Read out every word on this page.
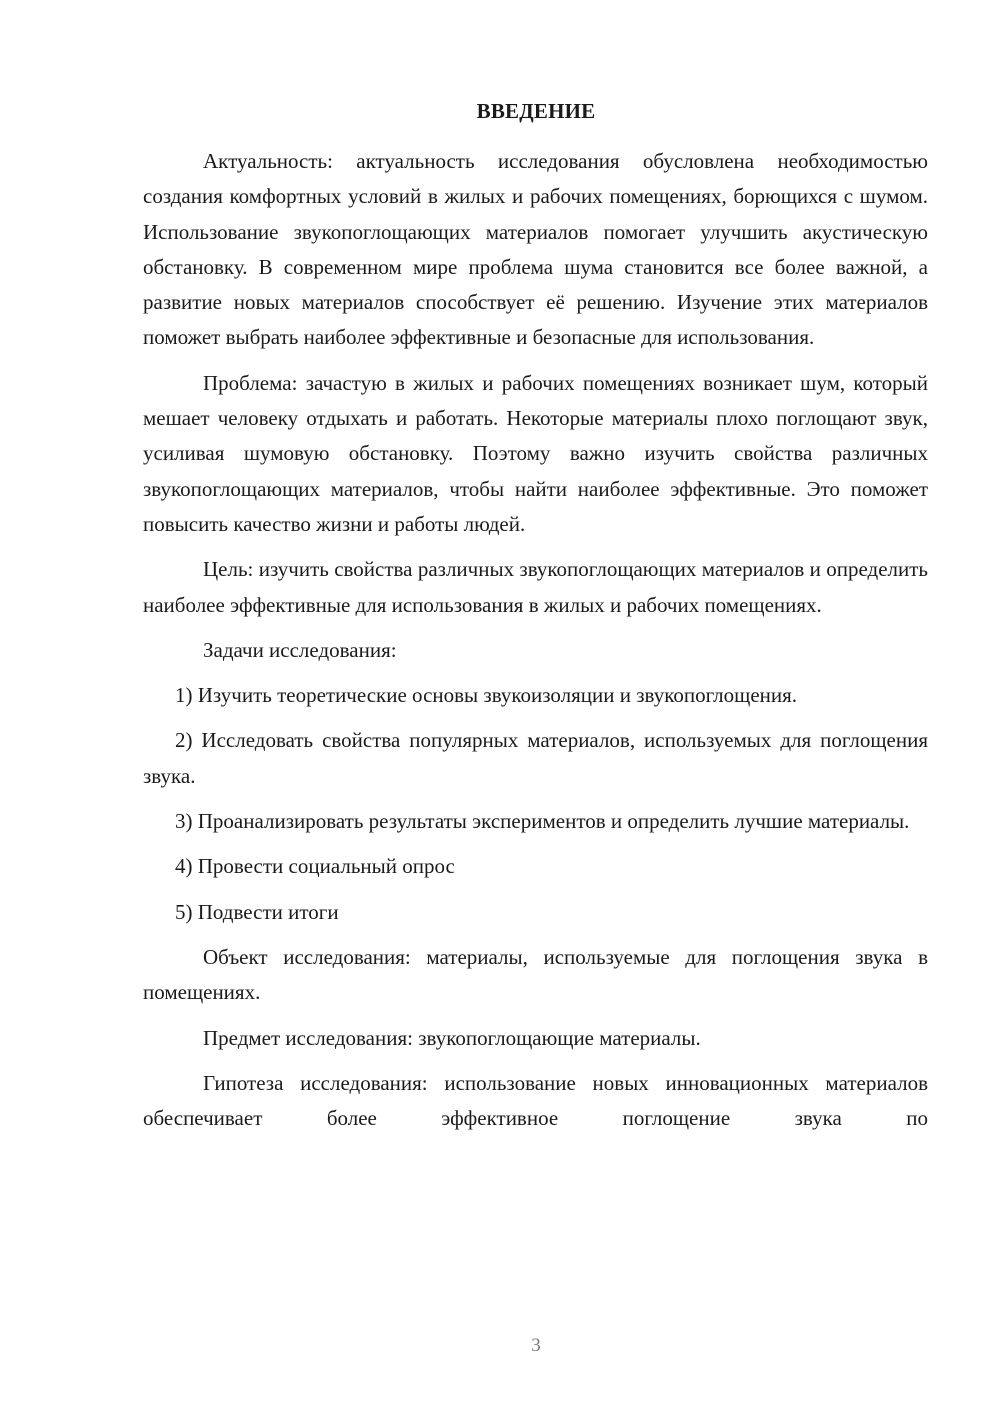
ВВЕДЕНИЕ

Актуальность: актуальность исследования обусловлена необходимостью создания комфортных условий в жилых и рабочих помещениях, борющихся с шумом. Использование звукопоглощающих материалов помогает улучшить акустическую обстановку. В современном мире проблема шума становится все более важной, а развитие новых материалов способствует её решению. Изучение этих материалов поможет выбрать наиболее эффективные и безопасные для использования.

Проблема: зачастую в жилых и рабочих помещениях возникает шум, который мешает человеку отдыхать и работать. Некоторые материалы плохо поглощают звук, усиливая шумовую обстановку. Поэтому важно изучить свойства различных звукопоглощающих материалов, чтобы найти наиболее эффективные. Это поможет повысить качество жизни и работы людей.

Цель: изучить свойства различных звукопоглощающих материалов и определить наиболее эффективные для использования в жилых и рабочих помещениях.

Задачи исследования:

1) Изучить теоретические основы звукоизоляции и звукопоглощения.

2) Исследовать свойства популярных материалов, используемых для поглощения звука.

3) Проанализировать результаты экспериментов и определить лучшие материалы.

4) Провести социальный опрос

5) Подвести итоги

Объект исследования: материалы, используемые для поглощения звука в помещениях.

Предмет исследования: звукопоглощающие материалы.

Гипотеза исследования: использование новых инновационных материалов обеспечивает более эффективное поглощение звука по

3
